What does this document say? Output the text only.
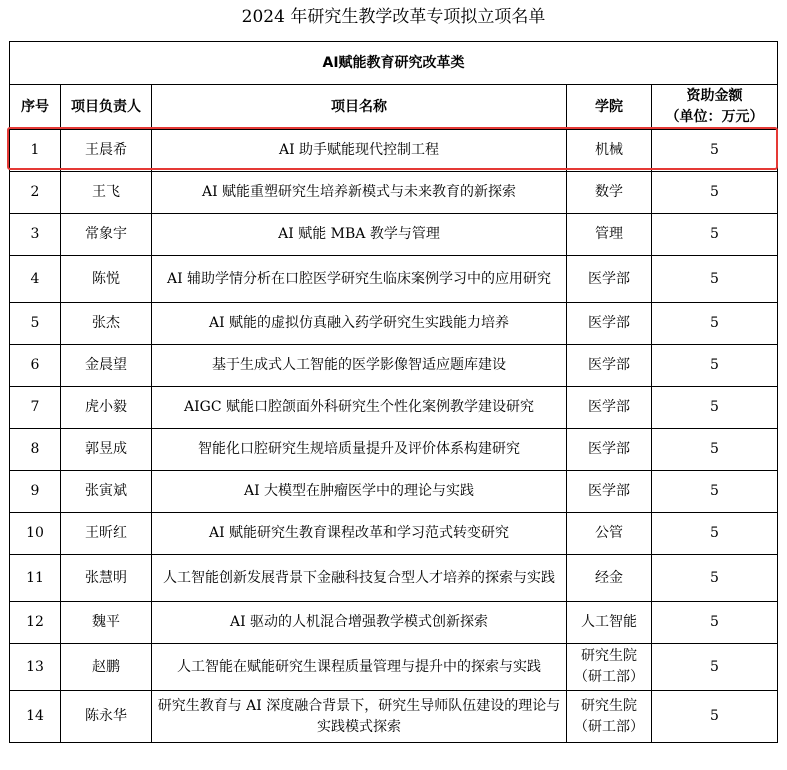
2024 年研究生教学改革专项拟立项名单
AI赋能教育研究改革类				
序号	项目负责人	项目名称	学院	资助金额
（单位：万元）
1	王晨希	AI 助手赋能现代控制工程	机械	5
2	王飞	AI 赋能重塑研究生培养新模式与未来教育的新探索	数学	5
3	常象宇	AI 赋能 MBA 教学与管理	管理	5
4	陈悦	AI 辅助学情分析在口腔医学研究生临床案例学习中的应用研究	医学部	5
5	张杰	AI 赋能的虚拟仿真融入药学研究生实践能力培养	医学部	5
6	金晨望	基于生成式人工智能的医学影像智适应题库建设	医学部	5
7	虎小毅	AIGC 赋能口腔颌面外科研究生个性化案例教学建设研究	医学部	5
8	郭昱成	智能化口腔研究生规培质量提升及评价体系构建研究	医学部	5
9	张寅斌	AI 大模型在肿瘤医学中的理论与实践	医学部	5
10	王昕红	AI 赋能研究生教育课程改革和学习范式转变研究	公管	5
11	张慧明	人工智能创新发展背景下金融科技复合型人才培养的探索与实践	经金	5
12	魏平	AI 驱动的人机混合增强教学模式创新探索	人工智能	5
13	赵鹏	人工智能在赋能研究生课程质量管理与提升中的探索与实践	研究生院（研工部）	5
14	陈永华	研究生教育与 AI 深度融合背景下，研究生导师队伍建设的理论与实践模式探索	研究生院（研工部）	5
